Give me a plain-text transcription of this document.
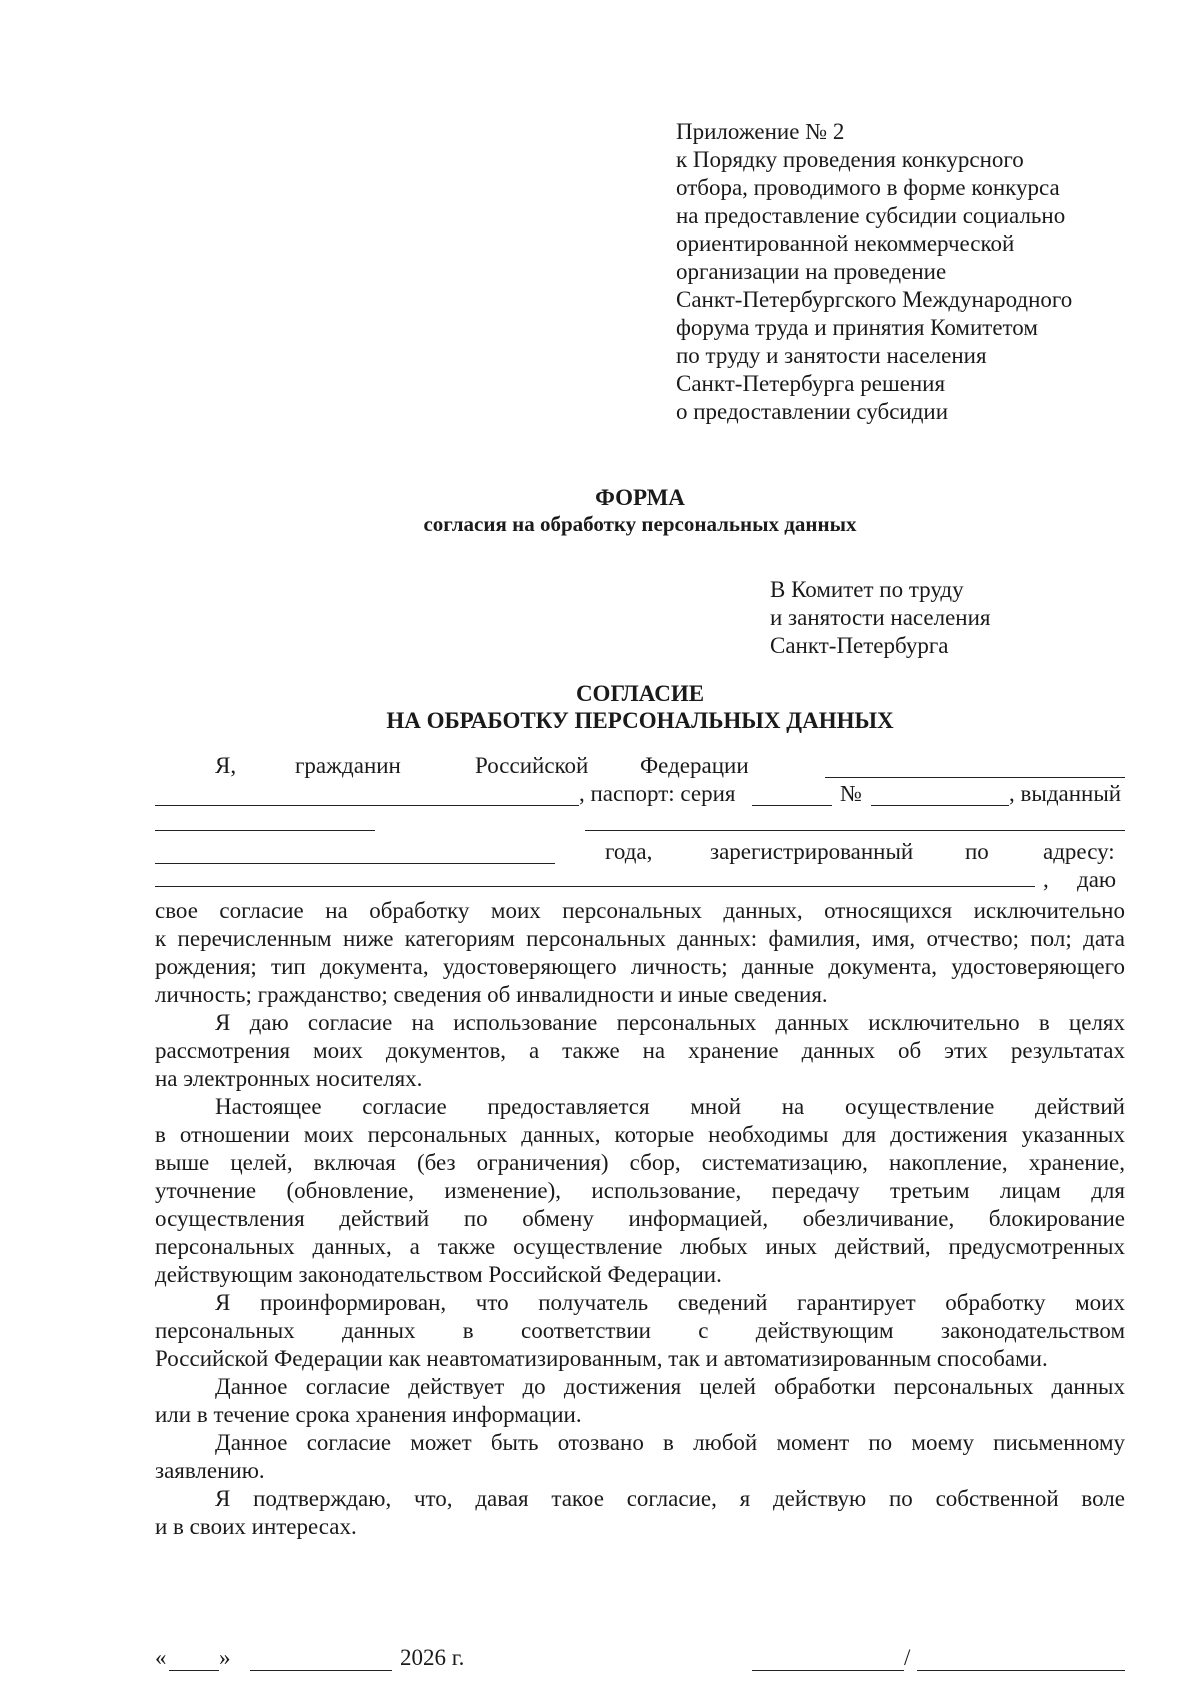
Приложение № 2
к Порядку проведения конкурсного
отбора, проводимого в форме конкурса
на предоставление субсидии социально
ориентированной некоммерческой
организации на проведение
Санкт-Петербургского Международного
форума труда и принятия Комитетом
по труду и занятости населения
Санкт-Петербурга решения
о предоставлении субсидии
ФОРМА
согласия на обработку персональных данных
В Комитет по труду
и занятости населения
Санкт-Петербурга
СОГЛАСИЕ
НА ОБРАБОТКУ ПЕРСОНАЛЬНЫХ ДАННЫХ
Я,	гражданин	Российской Федерации
, паспорт: серия	№	, выданный
года,	зарегистрированный по адресу:
, даю

свое согласие на обработку моих персональных данных, относящихся исключительно
к перечисленным ниже категориям персональных данных: фамилия, имя, отчество; пол; дата
рождения; тип документа, удостоверяющего личность; данные документа, удостоверяющего
личность; гражданство; сведения об инвалидности и иные сведения.

Я даю согласие на использование персональных данных исключительно в целях
рассмотрения моих документов, а также на хранение данных об этих результатах
на электронных носителях.

Настоящее согласие предоставляется мной на осуществление действий
в отношении моих персональных данных, которые необходимы для достижения указанных
выше целей, включая (без ограничения) сбор, систематизацию, накопление, хранение,
уточнение (обновление, изменение), использование, передачу третьим лицам для
осуществления действий по обмену информацией, обезличивание, блокирование
персональных данных, а также осуществление любых иных действий, предусмотренных
действующим законодательством Российской Федерации.

Я проинформирован, что получатель сведений гарантирует обработку моих
персональных данных в соответствии с действующим законодательством
Российской Федерации как неавтоматизированным, так и автоматизированным способами.

Данное согласие действует до достижения целей обработки персональных данных
или в течение срока хранения информации.

Данное согласие может быть отозвано в любой момент по моему письменному
заявлению.

Я подтверждаю, что, давая такое согласие, я действую по собственной воле
и в своих интересах.

« »	2026 г.	/
